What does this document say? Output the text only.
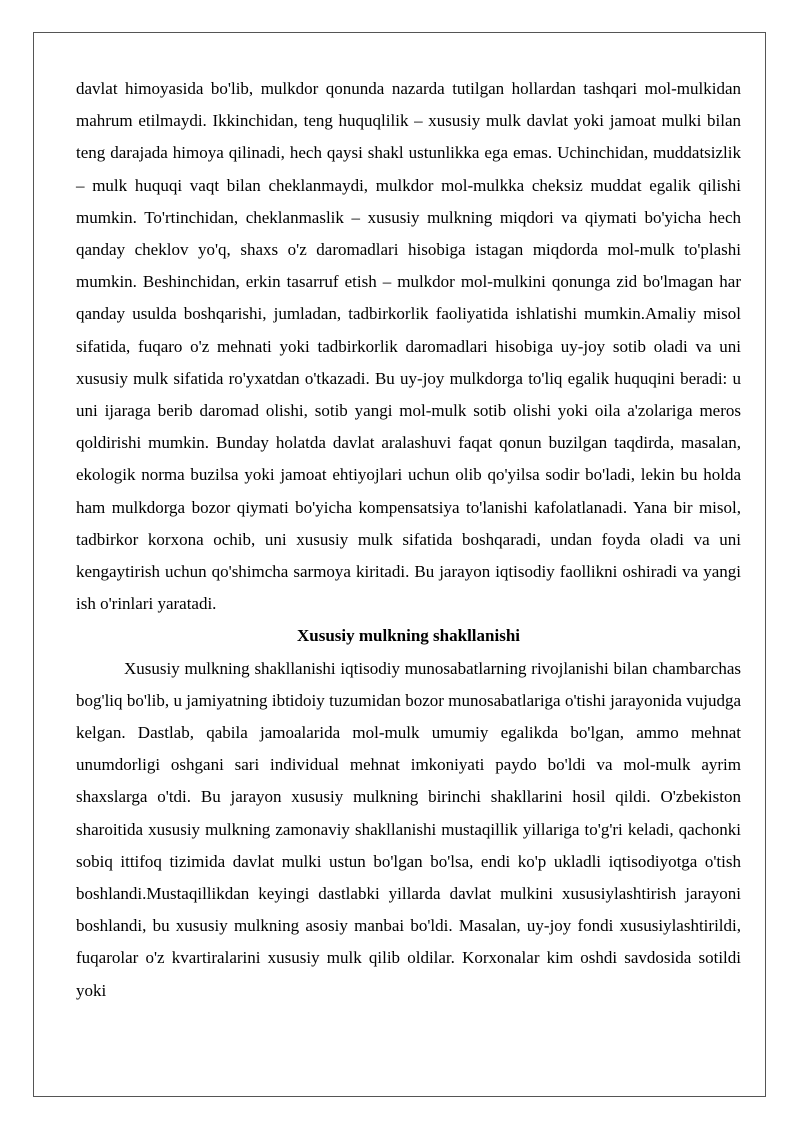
davlat himoyasida bo'lib, mulkdor qonunda nazarda tutilgan hollardan tashqari mol-mulkidan mahrum etilmaydi. Ikkinchidan, teng huquqlilik – xususiy mulk davlat yoki jamoat mulki bilan teng darajada himoya qilinadi, hech qaysi shakl ustunlikka ega emas. Uchinchidan, muddatsizlik – mulk huquqi vaqt bilan cheklanmaydi, mulkdor mol-mulkka cheksiz muddat egalik qilishi mumkin. To'rtinchidan, cheklanmaslik – xususiy mulkning miqdori va qiymati bo'yicha hech qanday cheklov yo'q, shaxs o'z daromadlari hisobiga istagan miqdorda mol-mulk to'plashi mumkin. Beshinchidan, erkin tasarruf etish – mulkdor mol-mulkini qonunga zid bo'lmagan har qanday usulda boshqarishi, jumladan, tadbirkorlik faoliyatida ishlatishi mumkin.Amaliy misol sifatida, fuqaro o'z mehnati yoki tadbirkorlik daromadlari hisobiga uy-joy sotib oladi va uni xususiy mulk sifatida ro'yxatdan o'tkazadi. Bu uy-joy mulkdorga to'liq egalik huquqini beradi: u uni ijaraga berib daromad olishi, sotib yangi mol-mulk sotib olishi yoki oila a'zolariga meros qoldirishi mumkin. Bunday holatda davlat aralashuvi faqat qonun buzilgan taqdirda, masalan, ekologik norma buzilsa yoki jamoat ehtiyojlari uchun olib qo'yilsa sodir bo'ladi, lekin bu holda ham mulkdorga bozor qiymati bo'yicha kompensatsiya to'lanishi kafolatlanadi. Yana bir misol, tadbirkor korxona ochib, uni xususiy mulk sifatida boshqaradi, undan foyda oladi va uni kengaytirish uchun qo'shimcha sarmoya kiritadi. Bu jarayon iqtisodiy faollikni oshiradi va yangi ish o'rinlari yaratadi.

Xususiy mulkning shakllanishi

Xususiy mulkning shakllanishi iqtisodiy munosabatlarning rivojlanishi bilan chambarchas bog'liq bo'lib, u jamiyatning ibtidoiy tuzumidan bozor munosabatlariga o'tishi jarayonida vujudga kelgan. Dastlab, qabila jamoalarida mol-mulk umumiy egalikda bo'lgan, ammo mehnat unumdorligi oshgani sari individual mehnat imkoniyati paydo bo'ldi va mol-mulk ayrim shaxslarga o'tdi. Bu jarayon xususiy mulkning birinchi shakllarini hosil qildi. O'zbekiston sharoitida xususiy mulkning zamonaviy shakllanishi mustaqillik yillariga to'g'ri keladi, qachonki sobiq ittifoq tizimida davlat mulki ustun bo'lgan bo'lsa, endi ko'p ukladli iqtisodiyotga o'tish boshlandi.Mustaqillikdan keyingi dastlabki yillarda davlat mulkini xususiylashtirish jarayoni boshlandi, bu xususiy mulkning asosiy manbai bo'ldi. Masalan, uy-joy fondi xususiylashtirildi, fuqarolar o'z kvartiralarini xususiy mulk qilib oldilar. Korxonalar kim oshdi savdosida sotildi yoki
